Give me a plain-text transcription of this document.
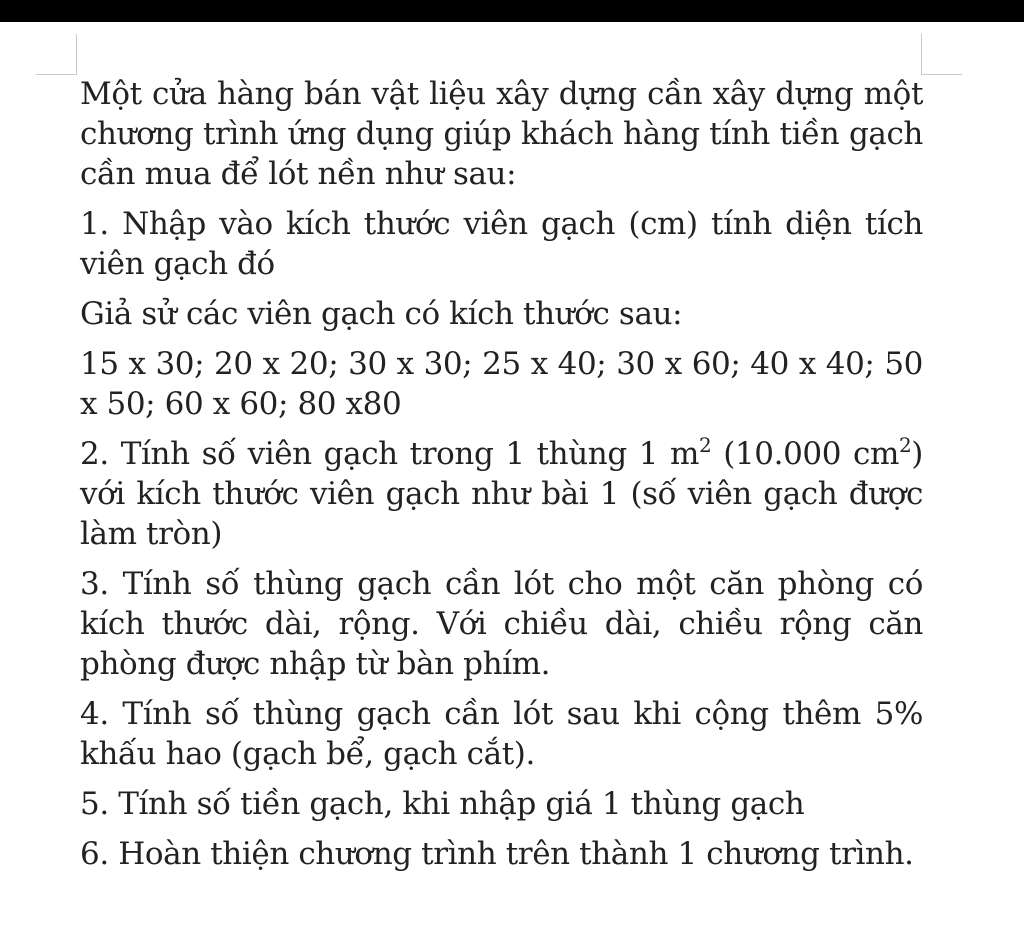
Một cửa hàng bán vật liệu xây dựng cần xây dựng một chương trình ứng dụng giúp khách hàng tính tiền gạch cần mua để lót nền như sau:

1. Nhập vào kích thước viên gạch (cm) tính diện tích viên gạch đó

Giả sử các viên gạch có kích thước sau:

15 x 30; 20 x 20; 30 x 30; 25 x 40; 30 x 60; 40 x 40; 50 x 50; 60 x 60; 80 x80

2. Tính số viên gạch trong 1 thùng 1 $m^2$ (10.000 $cm^2$) với kích thước viên gạch như bài 1 (số viên gạch được làm tròn)

3. Tính số thùng gạch cần lót cho một căn phòng có kích thước dài, rộng. Với chiều dài, chiều rộng căn phòng được nhập từ bàn phím.

4. Tính số thùng gạch cần lót sau khi cộng thêm 5% khấu hao (gạch bể, gạch cắt).

5. Tính số tiền gạch, khi nhập giá 1 thùng gạch

6. Hoàn thiện chương trình trên thành 1 chương trình.
